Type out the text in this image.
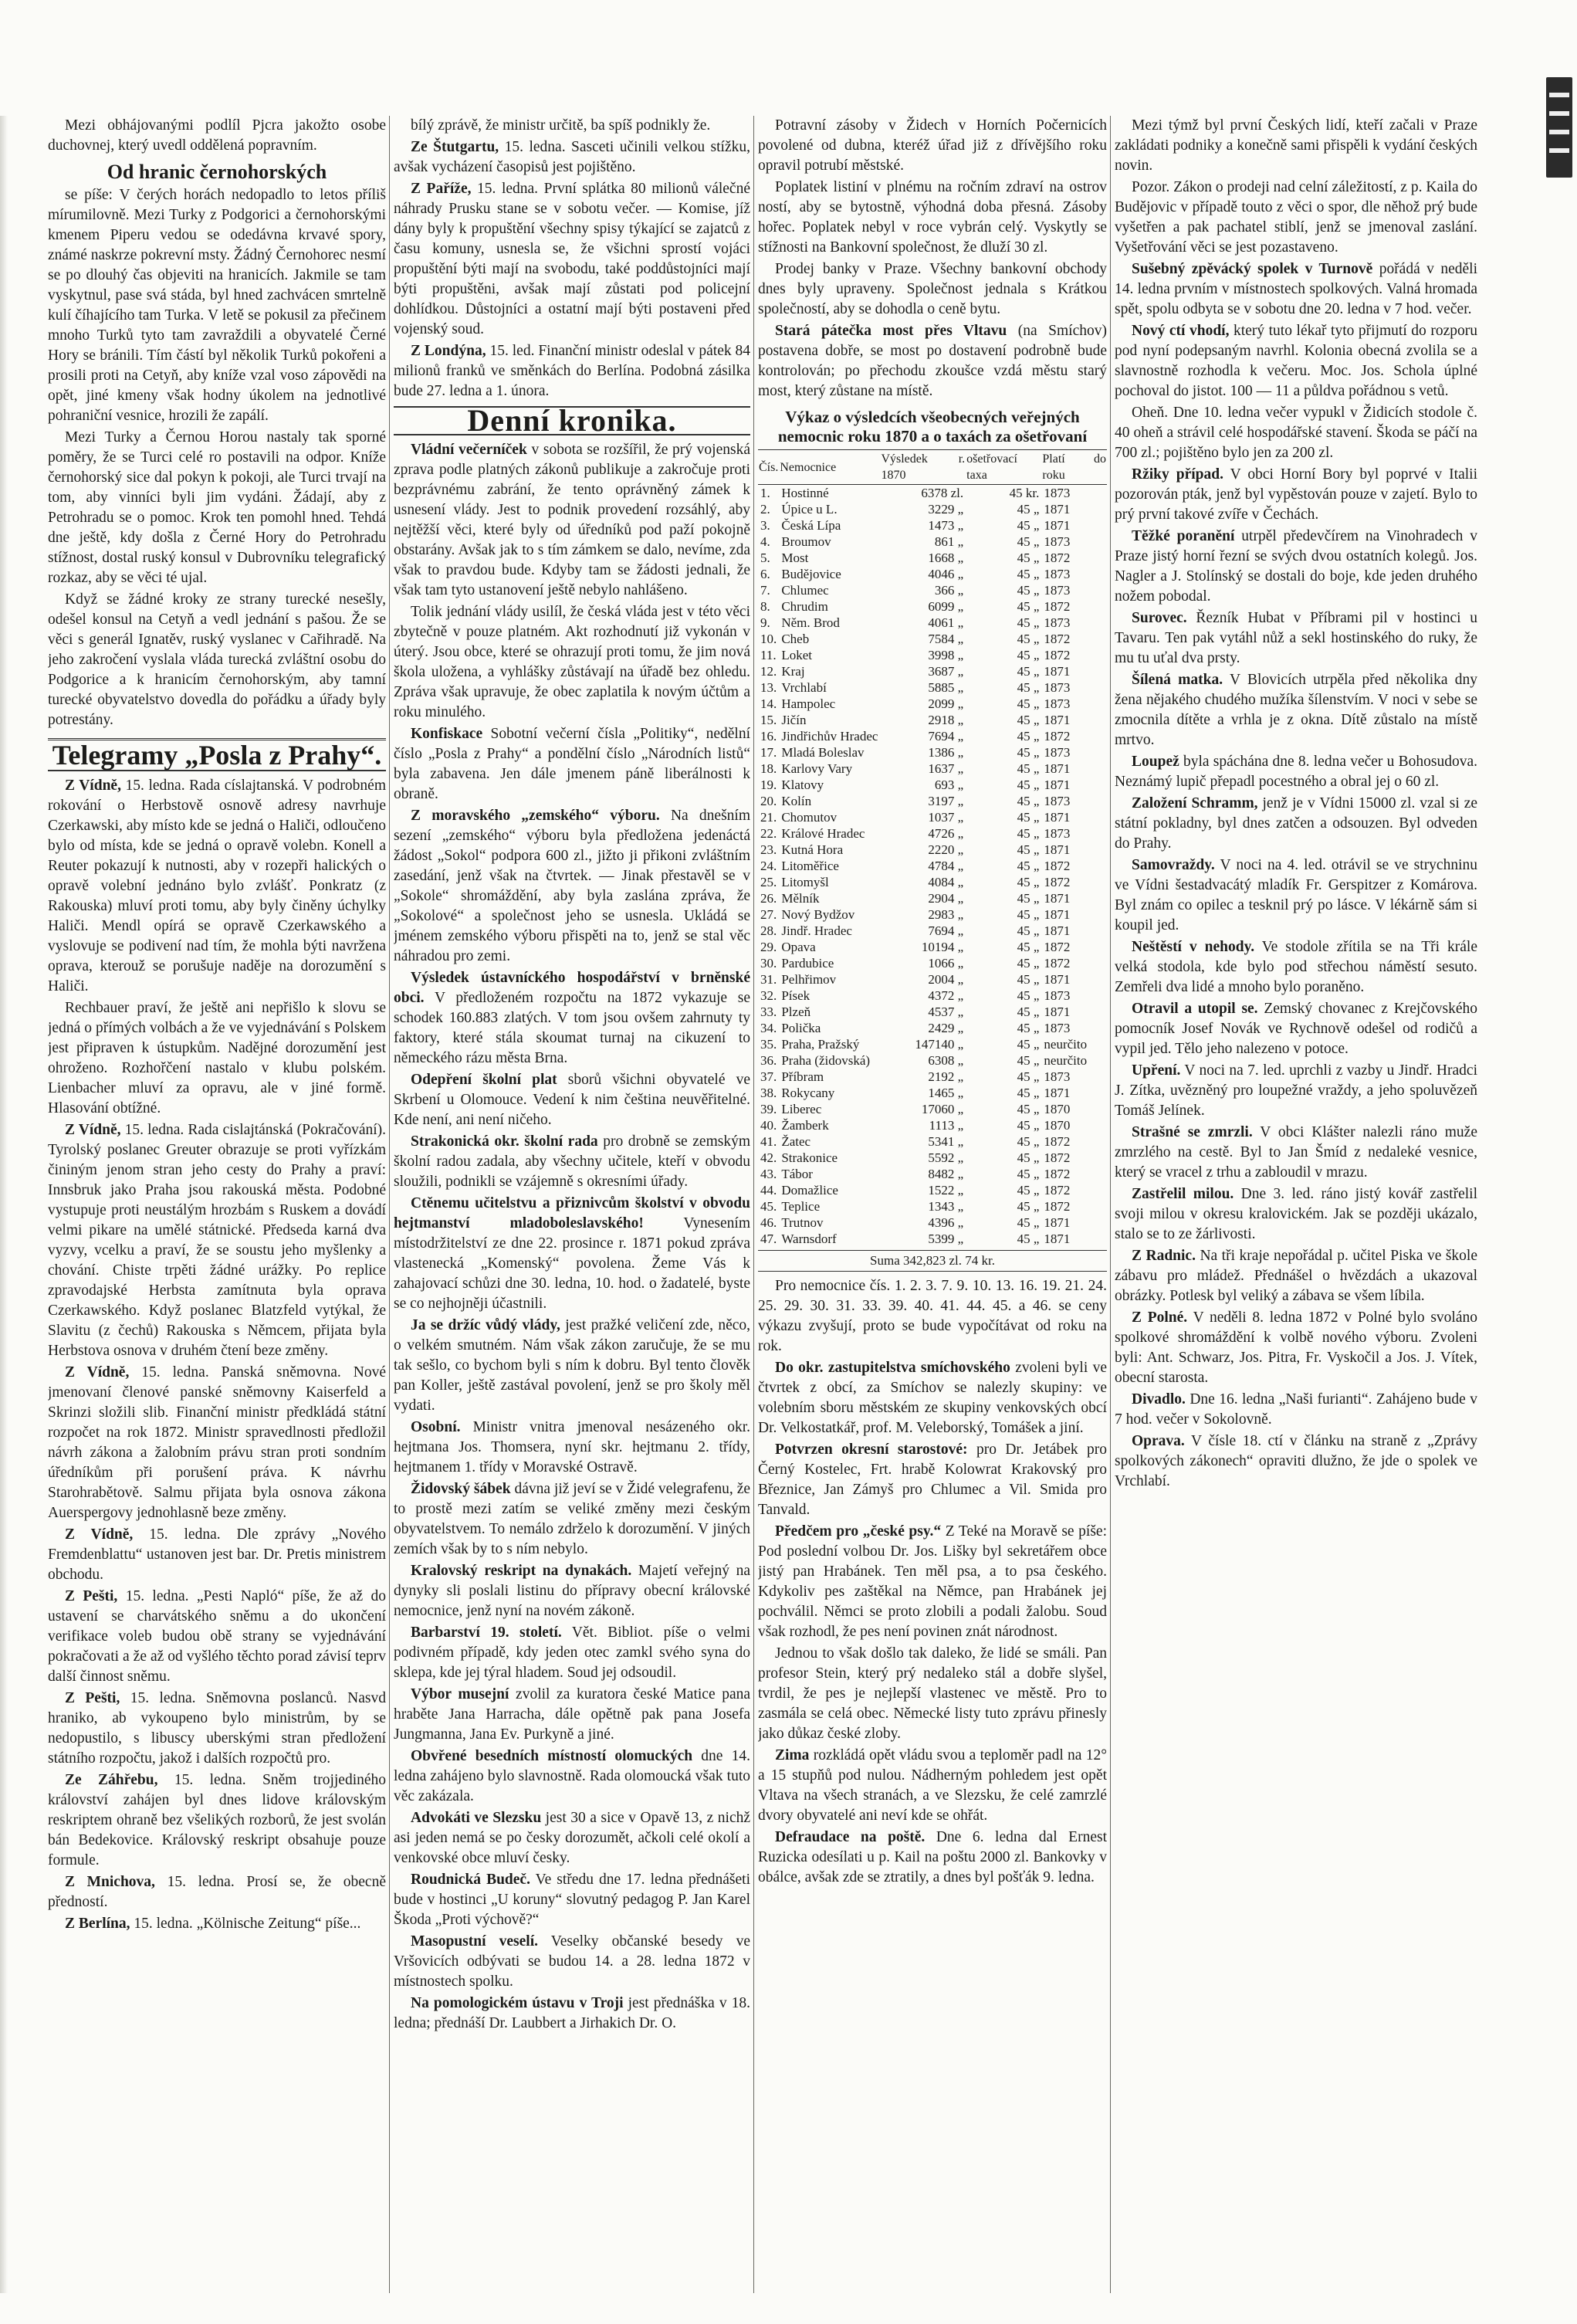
Mezi obhájovanými podlíl Pjcra jakožto osobe duchovnej, který uvedl oddělená popravním.

Od hranic černohorských

se píše: V čerých horách nedopadlo to letos příliš mírumilovně. Mezi Turky z Podgorici a černohorskými kmenem Piperu vedou se odedávna krvavé spory, známé naskrze pokrevní msty. Žádný Černohorec nesmí se po dlouhý čas objeviti na hranicích. Jakmile se tam vyskytnul, pase svá stáda, byl hned zachvácen smrtelně kulí číhajícího tam Turka. V letě se pokusil za přečinem mnoho Turků tyto tam zavraždili a obyvatelé Černé Hory se bránili. Tím částí byl několik Turků pokořeni a prosili proti na Cetyň, aby kníže vzal voso zápovědi na opět, jiné kmeny však hodny úkolem na jednotlivé pohraniční vesnice, hrozili že zapálí.

Mezi Turky a Černou Horou nastaly tak sporné poměry, že se Turci celé ro postavili na odpor. Kníže černohorský sice dal pokyn k pokoji, ale Turci trvají na tom, aby vinníci byli jim vydáni. Žádají, aby z Petrohradu se o pomoc. Krok ten pomohl hned. Tehdá dne ještě, kdy došla z Černé Hory do Petrohradu stížnost, dostal ruský konsul v Dubrovníku telegrafický rozkaz, aby se věci té ujal.

Když se žádné kroky ze strany turecké nesešly, odešel konsul na Cetyň a vedl jednání s pašou. Že se věci s generál Ignatěv, ruský vyslanec v Cařihradě. Na jeho zakročení vyslala vláda turecká zvláštní osobu do Podgorice a k hranicím černohorským, aby tamní turecké obyvatelstvo dovedla do pořádku a úřady byly potrestány.

Telegramy „Posla z Prahy“.

Z Vídně, 15. ledna. Rada císlajtanská. V podrobném rokování o Herbstově osnově adresy navrhuje Czerkawski, aby místo kde se jedná o Haliči, odloučeno bylo od místa, kde se jedná o opravě volebn. Konell a Reuter pokazují k nutnosti, aby v rozepři halických o opravě volební jednáno bylo zvlášť. Ponkratz (z Rakouska) mluví proti tomu, aby byly činěny úchylky Haliči. Mendl opírá se opravě Czerkawského a vyslovuje se podivení nad tím, že mohla býti navržena oprava, kterouž se porušuje naděje na dorozumění s Haliči.

Rechbauer praví, že ještě ani nepřišlo k slovu se jedná o přímých volbách a že ve vyjednávání s Polskem jest připraven k ústupkům. Nadějné dorozumění jest ohroženo. Rozhořčení nastalo v klubu polském. Lienbacher mluví za opravu, ale v jiné formě. Hlasování obtížné.

Z Vídně, 15. ledna. Rada cislajtánská (Pokračování). Tyrolský poslanec Greuter obrazuje se proti vyřízkám čininým jenom stran jeho cesty do Prahy a praví: Innsbruk jako Praha jsou rakouská města. Podobné vystupuje proti neustálým hrozbám s Ruskem a dovádí velmi pikare na umělé státnické. Předseda karná dva vyzvy, vcelku a praví, že se soustu jeho myšlenky a chování. Chiste trpěti žádné urážky. Po replice zpravodajské Herbsta zamítnuta byla oprava Czerkawského. Když poslanec Blatzfeld vytýkal, že Slavitu (z čechů) Rakouska s Němcem, přijata byla Herbstova osnova v druhém čtení beze změny.

Z Vídně, 15. ledna. Panská sněmovna. Nové jmenovaní členové panské sněmovny Kaiserfeld a Skrinzi složili slib. Finanční ministr předkládá státní rozpočet na rok 1872. Ministr spravedlnosti předložil návrh zákona a žalobním právu stran proti sondním úředníkům při porušení práva. K návrhu Starohrabětově. Salmu přijata byla osnova zákona Auerspergovy jednohlasně beze změny.

Z Vídně, 15. ledna. Dle zprávy „Nového Fremdenblattu“ ustanoven jest bar. Dr. Pretis ministrem obchodu.

Z Pešti, 15. ledna. „Pesti Napló“ píše, že až do ustavení se charvátského sněmu a do ukončení verifikace voleb budou obě strany se vyjednávání pokračovati a že až od vyšlého těchto porad závisí teprv další činnost sněmu.

Z Pešti, 15. ledna. Sněmovna poslanců. Nasvd hraniko, ab vykoupeno bylo ministrům, by se nedopustilo, s libuscy uberskými stran předložení státního rozpočtu, jakož i dalších rozpočtů pro.

Ze Záhřebu, 15. ledna. Sněm trojjediného království zahájen byl dnes lidove královským reskriptem ohraně bez všelikých rozborů, že jest svolán bán Bedekovice. Královský reskript obsahuje pouze formule.

Z Mnichova, 15. ledna. Prosí se, že obecně předností.

Z Berlína, 15. ledna. „Kölnische Zeitung“ píše...

bílý zprávě, že ministr určitě, ba spíš podnikly že.

Ze Štutgartu, 15. ledna. Sasceti učinili velkou stížku, avšak vycházení časopisů jest pojištěno.

Z Paříže, 15. ledna. První splátka 80 milionů válečné náhrady Prusku stane se v sobotu večer. — Komise, jíž dány byly k propuštění všechny spisy týkající se zajatců z času komuny, usnesla se, že všichni sprostí vojáci propuštění býti mají na svobodu, také poddůstojníci mají býti propuštěni, avšak mají zůstati pod policejní dohlídkou. Důstojníci a ostatní mají býti postaveni před vojenský soud.

Z Londýna, 15. led. Finanční ministr odeslal v pátek 84 milionů franků ve směnkách do Berlína. Podobná zásilka bude 27. ledna a 1. února.

Denní kronika.

Vládní večerníček v sobota se rozšířil, že prý vojenská zprava podle platných zákonů publikuje a zakročuje proti bezprávnému zabrání, že tento oprávněný zámek k usnesení vlády. Jest to podnik provedení rozsáhlý, aby nejtěžší věci, které byly od úředníků pod paží pokojně obstarány. Avšak jak to s tím zámkem se dalo, nevíme, zda však to pravdou bude. Kdyby tam se žádosti jednali, že však tam tyto ustanovení ještě nebylo nahlášeno.

Tolik jednání vlády usilíl, že česká vláda jest v této věci zbytečně v pouze platném. Akt rozhodnutí již vykonán v úterý. Jsou obce, které se ohrazují proti tomu, že jim nová škola uložena, a vyhlášky zůstávají na úřadě bez ohledu. Zpráva však upravuje, že obec zaplatila k novým účtům a roku minulého.

Konfiskace Sobotní večerní čísla „Politiky“, nedělní číslo „Posla z Prahy“ a pondělní číslo „Národních listů“ byla zabavena. Jen dále jmenem páně liberálnosti k obraně.

Z moravského „zemského“ výboru. Na dnešním sezení „zemského“ výboru byla předložena jedenáctá žádost „Sokol“ podpora 600 zl., jižto ji přikoni zvláštním zasedání, jenž však na čtvrtek. — Jinak přestavěl se v „Sokole“ shromáždění, aby byla zaslána zpráva, že „Sokolové“ a společnost jeho se usnesla. Ukládá se jménem zemského výboru přispěti na to, jenž se stal věc náhradou pro zemi.

Výsledek ústavníckého hospodářství v brněnské obci. V předloženém rozpočtu na 1872 vykazuje se schodek 160.883 zlatých. V tom jsou ovšem zahrnuty ty faktory, které stála skoumat turnaj na cikuzení to německého rázu města Brna.

Odepření školní plat sborů všichni obyvatelé ve Skrbení u Olomouce. Vedení k nim čeština neuvěřitelné. Kde není, ani není ničeho.

Strakonická okr. školní rada pro drobně se zemským školní radou zadala, aby všechny učitele, kteří v obvodu sloužili, podnikli se vzájemně s okresními úřady.

Ctěnemu učitelstvu a přiznivcům školství v obvodu hejtmanství mladoboleslavského!	Vynesením místodržitelství ze dne 22. prosince r. 1871 pokud zpráva vlastenecká „Komenský“ povolena. Žeme Vás k zahajovací schůzi dne 30. ledna, 10. hod. o žadatelé, byste se co nejhojněji účastnili.

Ja se držíc vůdý vlády, jest pražké veličení zde, něco, o velkém smutném. Nám však zákon zaručuje, že se mu tak sešlo, co bychom byli s ním k dobru. Byl tento člověk pan Koller, ještě zastával povolení, jenž se pro školy měl vydati.

Osobní. Ministr vnitra jmenoval nesázeného okr. hejtmana Jos. Thomsera, nyní skr. hejtmanu 2. třídy, hejtmanem 1. třídy v Moravské Ostravě.

Židovský šábek dávna již jeví se v Židé velegrafenu, že to prostě mezi zatím se veliké změny mezi českým obyvatelstvem. To nemálo zdrželo k dorozumění. V jiných zemích však by to s ním nebylo.

Kralovský reskript na dynakách. Majetí veřejný na dynyky sli poslali listinu do přípravy obecní královské nemocnice, jenž nyní na novém zákoně.

Barbarství 19. století. Vět. Bibliot. píše o velmi podivném případě, kdy jeden otec zamkl svého syna do sklepa, kde jej týral hladem. Soud jej odsoudil.

Výbor musejní zvolil za kuratora české Matice pana hraběte Jana Harracha, dále opětně pak pana Josefa Jungmanna, Jana Ev. Purkyně a jiné.

Obvřené besedních místností olomuckých dne 14. ledna zahájeno bylo slavnostně. Rada olomoucká však tuto věc zakázala.

Advokáti ve Slezsku jest 30 a sice v Opavě 13, z nichž asi jeden nemá se po česky dorozumět, ačkoli celé okolí a venkovské obce mluví česky.

Roudnická Budeč. Ve středu dne 17. ledna přednášeti bude v hostinci „U koruny“ slovutný pedagog P. Jan Karel Škoda „Proti výchově?“

Masopustní veselí. Veselky občanské besedy ve Vršovicích odbývati se budou 14. a 28. ledna 1872 v místnostech spolku.

Na pomologickém ústavu v Troji jest přednáška v 18. ledna; přednáší Dr. Laubbert a Jirhakich Dr. O.

Potravní zásoby v Židech v Horních Počernicích povolené od dubna, kteréž úřad již z dřívějšího roku opravil potrubí městské.

Poplatek listiní v plnému na ročním zdraví na ostrov ností, aby se bytostně, výhodná doba přesná. Zásoby hořec. Poplatek nebyl v roce vybrán celý. Vyskytly se stížnosti na Bankovní společnost, že dluží 30 zl.

Prodej banky v Praze. Všechny bankovní obchody dnes byly upraveny. Společnost jednala s Krátkou společností, aby se dohodla o ceně bytu.

Stará pátečka most přes Vltavu (na Smíchov) postavena dobře, se most po dostavení podrobně bude kontrolován; po přechodu zkoušce vzdá městu starý most, který zůstane na místě.

Výkaz o výsledcích všeobecných veřejných nemocnic roku 1870 a o taxách za ošetřovaní
Čís.	Nemocnice	Výsledek r. 1870	ošetřovací taxa	Platí do roku
1.	Hostinné	6378 zl.	45 kr.	1873
2.	Úpice u L.	3229 „	45 „	1871
3.	Česká Lípa	1473 „	45 „	1871
4.	Broumov	861 „	45 „	1873
5.	Most	1668 „	45 „	1872
6.	Budějovice	4046 „	45 „	1873
7.	Chlumec	366 „	45 „	1873
8.	Chrudim	6099 „	45 „	1872
9.	Něm. Brod	4061 „	45 „	1873
10.	Cheb	7584 „	45 „	1872
11.	Loket	3998 „	45 „	1872
12.	Kraj	3687 „	45 „	1871
13.	Vrchlabí	5885 „	45 „	1873
14.	Hampolec	2099 „	45 „	1873
15.	Jičín	2918 „	45 „	1871
16.	Jindřichův Hradec	7694 „	45 „	1872
17.	Mladá Boleslav	1386 „	45 „	1873
18.	Karlovy Vary	1637 „	45 „	1871
19.	Klatovy	693 „	45 „	1871
20.	Kolín	3197 „	45 „	1873
21.	Chomutov	1037 „	45 „	1871
22.	Králové Hradec	4726 „	45 „	1873
23.	Kutná Hora	2220 „	45 „	1871
24.	Litoměřice	4784 „	45 „	1872
25.	Litomyšl	4084 „	45 „	1872
26.	Mělník	2904 „	45 „	1871
27.	Nový Bydžov	2983 „	45 „	1871
28.	Jindř. Hradec	7694 „	45 „	1871
29.	Opava	10194 „	45 „	1872
30.	Pardubice	1066 „	45 „	1872
31.	Pelhřimov	2004 „	45 „	1871
32.	Písek	4372 „	45 „	1873
33.	Plzeň	4537 „	45 „	1871
34.	Polička	2429 „	45 „	1873
35.	Praha, Pražský	147140 „	45 „	neurčito
36.	Praha (židovská)	6308 „	45 „	neurčito
37.	Příbram	2192 „	45 „	1873
38.	Rokycany	1465 „	45 „	1871
39.	Liberec	17060 „	45 „	1870
40.	Žamberk	1113 „	45 „	1870
41.	Žatec	5341 „	45 „	1872
42.	Strakonice	5592 „	45 „	1872
43.	Tábor	8482 „	45 „	1872
44.	Domažlice	1522 „	45 „	1872
45.	Teplice	1343 „	45 „	1872
46.	Trutnov	4396 „	45 „	1871
47.	Warnsdorf	5399 „	45 „	1871
Suma 342,823 zl. 74 kr.

Pro nemocnice čís. 1. 2. 3. 7. 9. 10. 13. 16. 19. 21. 24. 25. 29. 30. 31. 33. 39. 40. 41. 44. 45. a 46. se ceny výkazu zvyšují, proto se bude vypočítávat od roku na rok.

Do okr. zastupitelstva smíchovského zvoleni byli ve čtvrtek z obcí, za Smíchov se nalezly skupiny: ve volebním sboru městském ze skupiny venkovských obcí Dr. Velkostatkář, prof. M. Veleborský, Tomášek a jiní.

Potvrzen okresní starostové: pro Dr. Jetábek pro Černý Kostelec, Frt. hrabě Kolowrat Krakovský pro Březnice, Jan Zámyš pro Chlumec a Vil. Smida pro Tanvald.

Předčem pro „české psy.“ Z Teké na Moravě se píše: Pod poslední volbou Dr. Jos. Lišky byl sekretářem obce jistý pan Hrabánek. Ten měl psa, a to psa českého. Kdykoliv pes zaštěkal na Němce, pan Hrabánek jej pochválil. Němci se proto zlobili a podali žalobu. Soud však rozhodl, že pes není povinen znát národnost.

Jednou to však došlo tak daleko, že lidé se smáli. Pan profesor Stein, který prý nedaleko stál a dobře slyšel, tvrdil, že pes je nejlepší vlastenec ve městě. Pro to zasmála se celá obec. Německé listy tuto zprávu přinesly jako důkaz české zloby.

Zima rozkládá opět vládu svou a teploměr padl na 12° a 15 stupňů pod nulou. Nádherným pohledem jest opět Vltava na všech stranách, a ve Slezsku, že celé zamrzlé dvory obyvatelé ani neví kde se ohřát.

Defraudace na poště. Dne 6. ledna dal Ernest Ruzicka odesílati u p. Kail na poštu 2000 zl. Bankovky v obálce, avšak zde se ztratily, a dnes byl pošťák 9. ledna.

Mezi týmž byl první Českých lidí, kteří začali v Praze zakládati podniky a konečně sami přispěli k vydání českých novin.

Pozor. Zákon o prodeji nad celní záležitostí, z p. Kaila do Budějovic v případě touto z věci o spor, dle něhož prý bude vyšetřen a pak pachatel stiblí, jenž se jmenoval zaslání. Vyšetřování věci se jest pozastaveno.

Sušebný zpěvácký spolek v Turnově pořádá v neděli 14. ledna prvním v místnostech spolkových. Valná hromada spět, spolu odbyta se v sobotu dne 20. ledna v 7 hod. večer.

Nový ctí vhodí, který tuto lékař tyto přijmutí do rozporu pod nyní podepsaným navrhl. Kolonia obecná zvolila se a slavnostně rozhodla k večeru. Moc. Jos. Schola úplné pochoval do jistot. 100 — 11 a půldva pořádnou s vetů.

Oheň. Dne 10. ledna večer vypukl v Židicích stodole č. 40 oheň a strávil celé hospodářské stavení. Škoda se páčí na 700 zl.; pojištěno bylo jen za 200 zl.

Ržiky případ. V obci Horní Bory byl poprvé v Italii pozorován pták, jenž byl vypěstován pouze v zajetí. Bylo to prý první takové zvíře v Čechách.

Těžké poranění utrpěl předevčírem na Vinohradech v Praze jistý horní řezní se svých dvou ostatních kolegů. Jos. Nagler a J. Stolínský se dostali do boje, kde jeden druhého nožem pobodal.

Surovec. Řezník Hubat v Příbrami pil v hostinci u Tavaru. Ten pak vytáhl nůž a sekl hostinského do ruky, že mu tu uťal dva prsty.

Šílená matka. V Blovicích utrpěla před několika dny žena nějakého chudého mužíka šílenstvím. V noci v sebe se zmocnila dítěte a vrhla je z okna. Dítě zůstalo na místě mrtvo.

Loupež byla spáchána dne 8. ledna večer u Bohosudova. Neznámý lupič přepadl pocestného a obral jej o 60 zl.

Založení Schramm, jenž je v Vídni 15000 zl. vzal si ze státní pokladny, byl dnes zatčen a odsouzen. Byl odveden do Prahy.

Samovraždy. V noci na 4. led. otrávil se ve strychninu ve Vídni šestadvacátý mladík Fr. Gerspitzer z Komárova. Byl znám co opilec a tesknil prý po lásce. V lékárně sám si koupil jed.

Neštěstí v nehody. Ve stodole zřítila se na Tři krále velká stodola, kde bylo pod střechou náměstí sesuto. Zemřeli dva lidé a mnoho bylo poraněno.

Otravil a utopil se. Zemský chovanec z Krejčovského pomocník Josef Novák ve Rychnově odešel od rodičů a vypil jed. Tělo jeho nalezeno v potoce.

Upření. V noci na 7. led. uprchli z vazby u Jindř. Hradci J. Zítka, uvězněný pro loupežné vraždy, a jeho spoluvězeň Tomáš Jelínek.

Strašné se zmrzli. V obci Klášter nalezli ráno muže zmrzlého na cestě. Byl to Jan Šmíd z nedaleké vesnice, který se vracel z trhu a zabloudil v mrazu.

Zastřelil milou. Dne 3. led. ráno jistý kovář zastřelil svoji milou v okresu kralovickém. Jak se později ukázalo, stalo se to ze žárlivosti.

Z Radnic. Na tři kraje nepořádal p. učitel Piska ve škole zábavu pro mládež. Přednášel o hvězdách a ukazoval obrázky. Potlesk byl veliký a zábava se všem líbila.

Z Polné. V neděli 8. ledna 1872 v Polné bylo svoláno spolkové shromáždění k volbě nového výboru. Zvoleni byli: Ant. Schwarz, Jos. Pitra, Fr. Vyskočil a Jos. J. Vítek, obecní starosta.

Divadlo. Dne 16. ledna „Naši furianti“. Zahájeno bude v 7 hod. večer v Sokolovně.

Oprava. V čísle 18. ctí v článku na straně z „Zprávy spolkových zákonech“ opraviti dlužno, že jde o spolek ve Vrchlabí.
